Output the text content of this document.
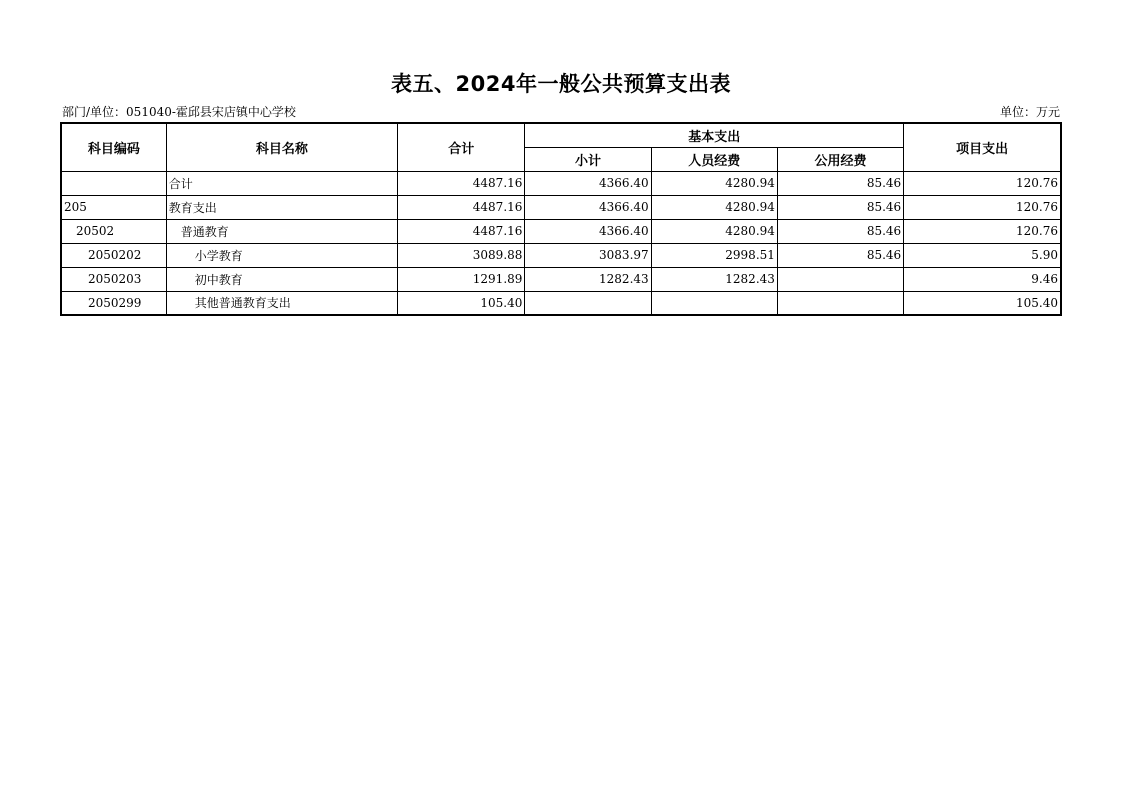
表五、2024年一般公共预算支出表
部门/单位：051040-霍邱县宋店镇中心学校	单位：万元
科目编码	科目名称	合计	基本支出			项目支出
			小计	人员经费	公用经费	
	合计	4487.16	4366.40	4280.94	85.46	120.76
205	教育支出	4487.16	4366.40	4280.94	85.46	120.76
20502	普通教育	4487.16	4366.40	4280.94	85.46	120.76
2050202	小学教育	3089.88	3083.97	2998.51	85.46	5.90
2050203	初中教育	1291.89	1282.43	1282.43		9.46
2050299	其他普通教育支出	105.40				105.40
